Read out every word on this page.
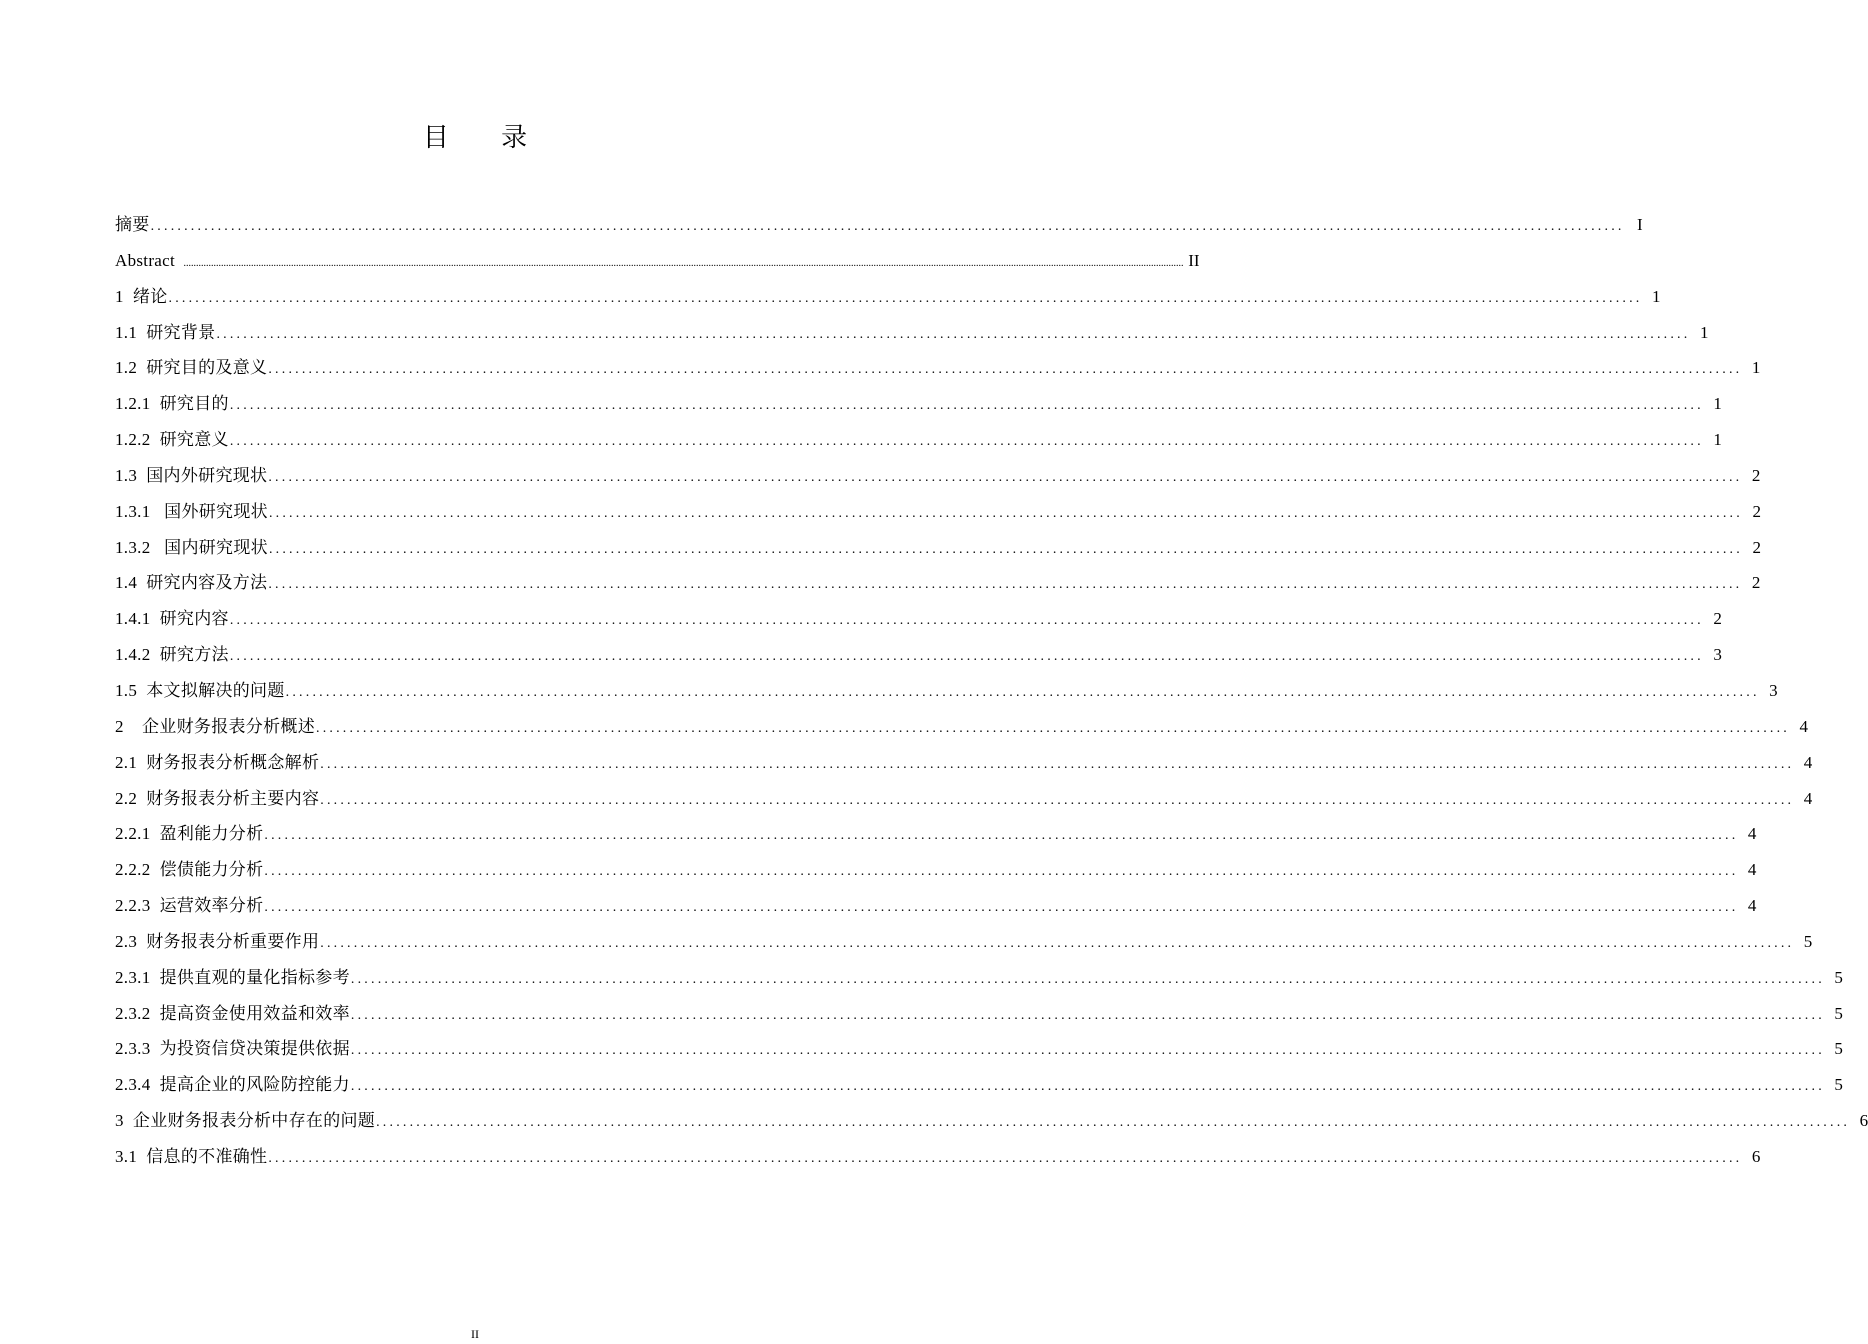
目 录
摘要 ............................................................................................................................................................................................................................ I
Abstract ................................................................................................................................................................................................................................................................................................................................................................................................................ II
1  绪论 ............................................................................................................................................................................................................................ 1
1.1  研究背景 ............................................................................................................................................................................................................................ 1
1.2  研究目的及意义 ............................................................................................................................................................................................................................ 1
1.2.1  研究目的 ............................................................................................................................................................................................................................ 1
1.2.2  研究意义 ............................................................................................................................................................................................................................ 1
1.3  国内外研究现状 ............................................................................................................................................................................................................................ 2
1.3.1   国外研究现状 ............................................................................................................................................................................................................................ 2
1.3.2   国内研究现状 ............................................................................................................................................................................................................................ 2
1.4  研究内容及方法 ............................................................................................................................................................................................................................ 2
1.4.1  研究内容 ............................................................................................................................................................................................................................ 2
1.4.2  研究方法 ............................................................................................................................................................................................................................ 3
1.5  本文拟解决的问题 ............................................................................................................................................................................................................................ 3
2    企业财务报表分析概述 ............................................................................................................................................................................................................................ 4
2.1  财务报表分析概念解析 ............................................................................................................................................................................................................................ 4
2.2  财务报表分析主要内容 ............................................................................................................................................................................................................................ 4
2.2.1  盈利能力分析 ............................................................................................................................................................................................................................ 4
2.2.2  偿债能力分析 ............................................................................................................................................................................................................................ 4
2.2.3  运营效率分析 ............................................................................................................................................................................................................................ 4
2.3  财务报表分析重要作用 ............................................................................................................................................................................................................................ 5
2.3.1  提供直观的量化指标参考 ............................................................................................................................................................................................................................ 5
2.3.2  提高资金使用效益和效率 ............................................................................................................................................................................................................................ 5
2.3.3  为投资信贷决策提供依据 ............................................................................................................................................................................................................................ 5
2.3.4  提高企业的风险防控能力 ............................................................................................................................................................................................................................ 5
3  企业财务报表分析中存在的问题 ............................................................................................................................................................................................................................ 6
3.1  信息的不准确性 ............................................................................................................................................................................................................................ 6
II
